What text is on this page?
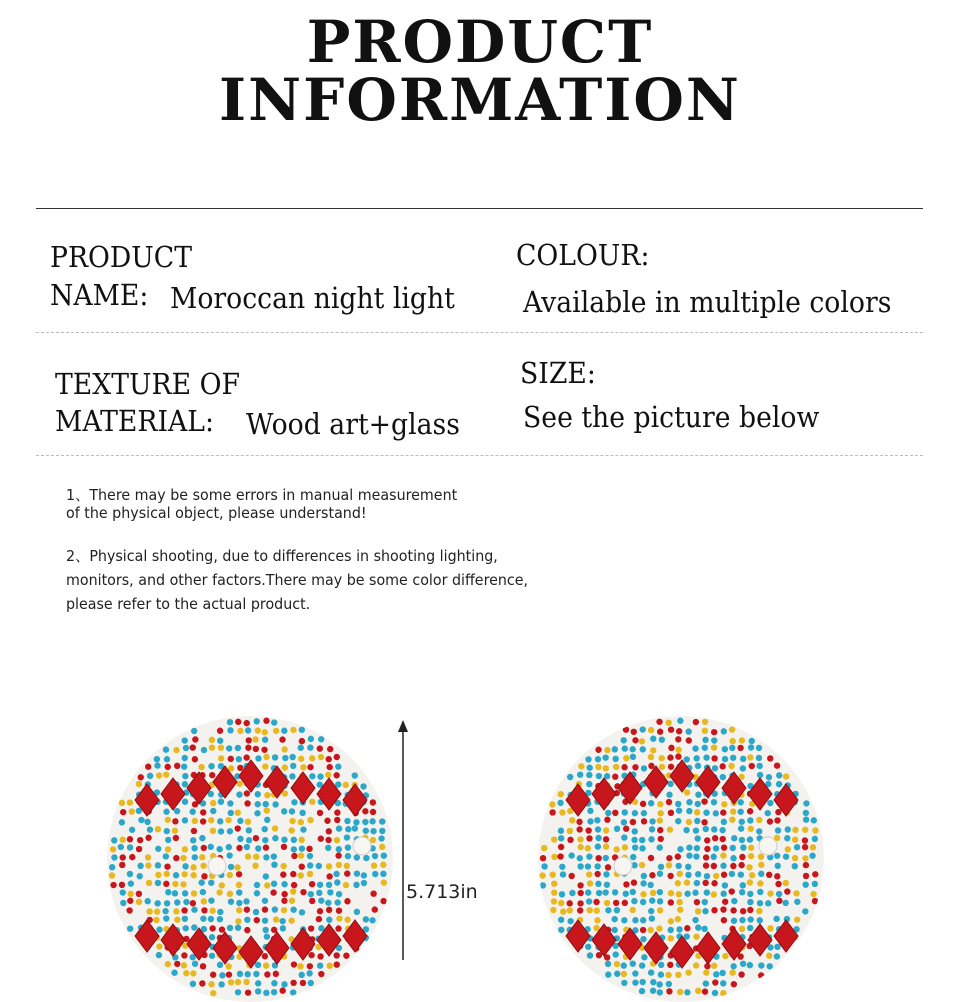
PRODUCT
INFORMATION
PRODUCT
NAME: Moroccan night light
COLOUR:
Available in multiple colors
TEXTURE OF
MATERIAL: Wood art+glass
SIZE:
See the picture below
1、There may be some errors in manual measurement
of the physical object, please understand!
2、Physical shooting, due to differences in shooting lighting,
monitors, and other factors.There may be some color difference,
please refer to the actual product.
5.713in
